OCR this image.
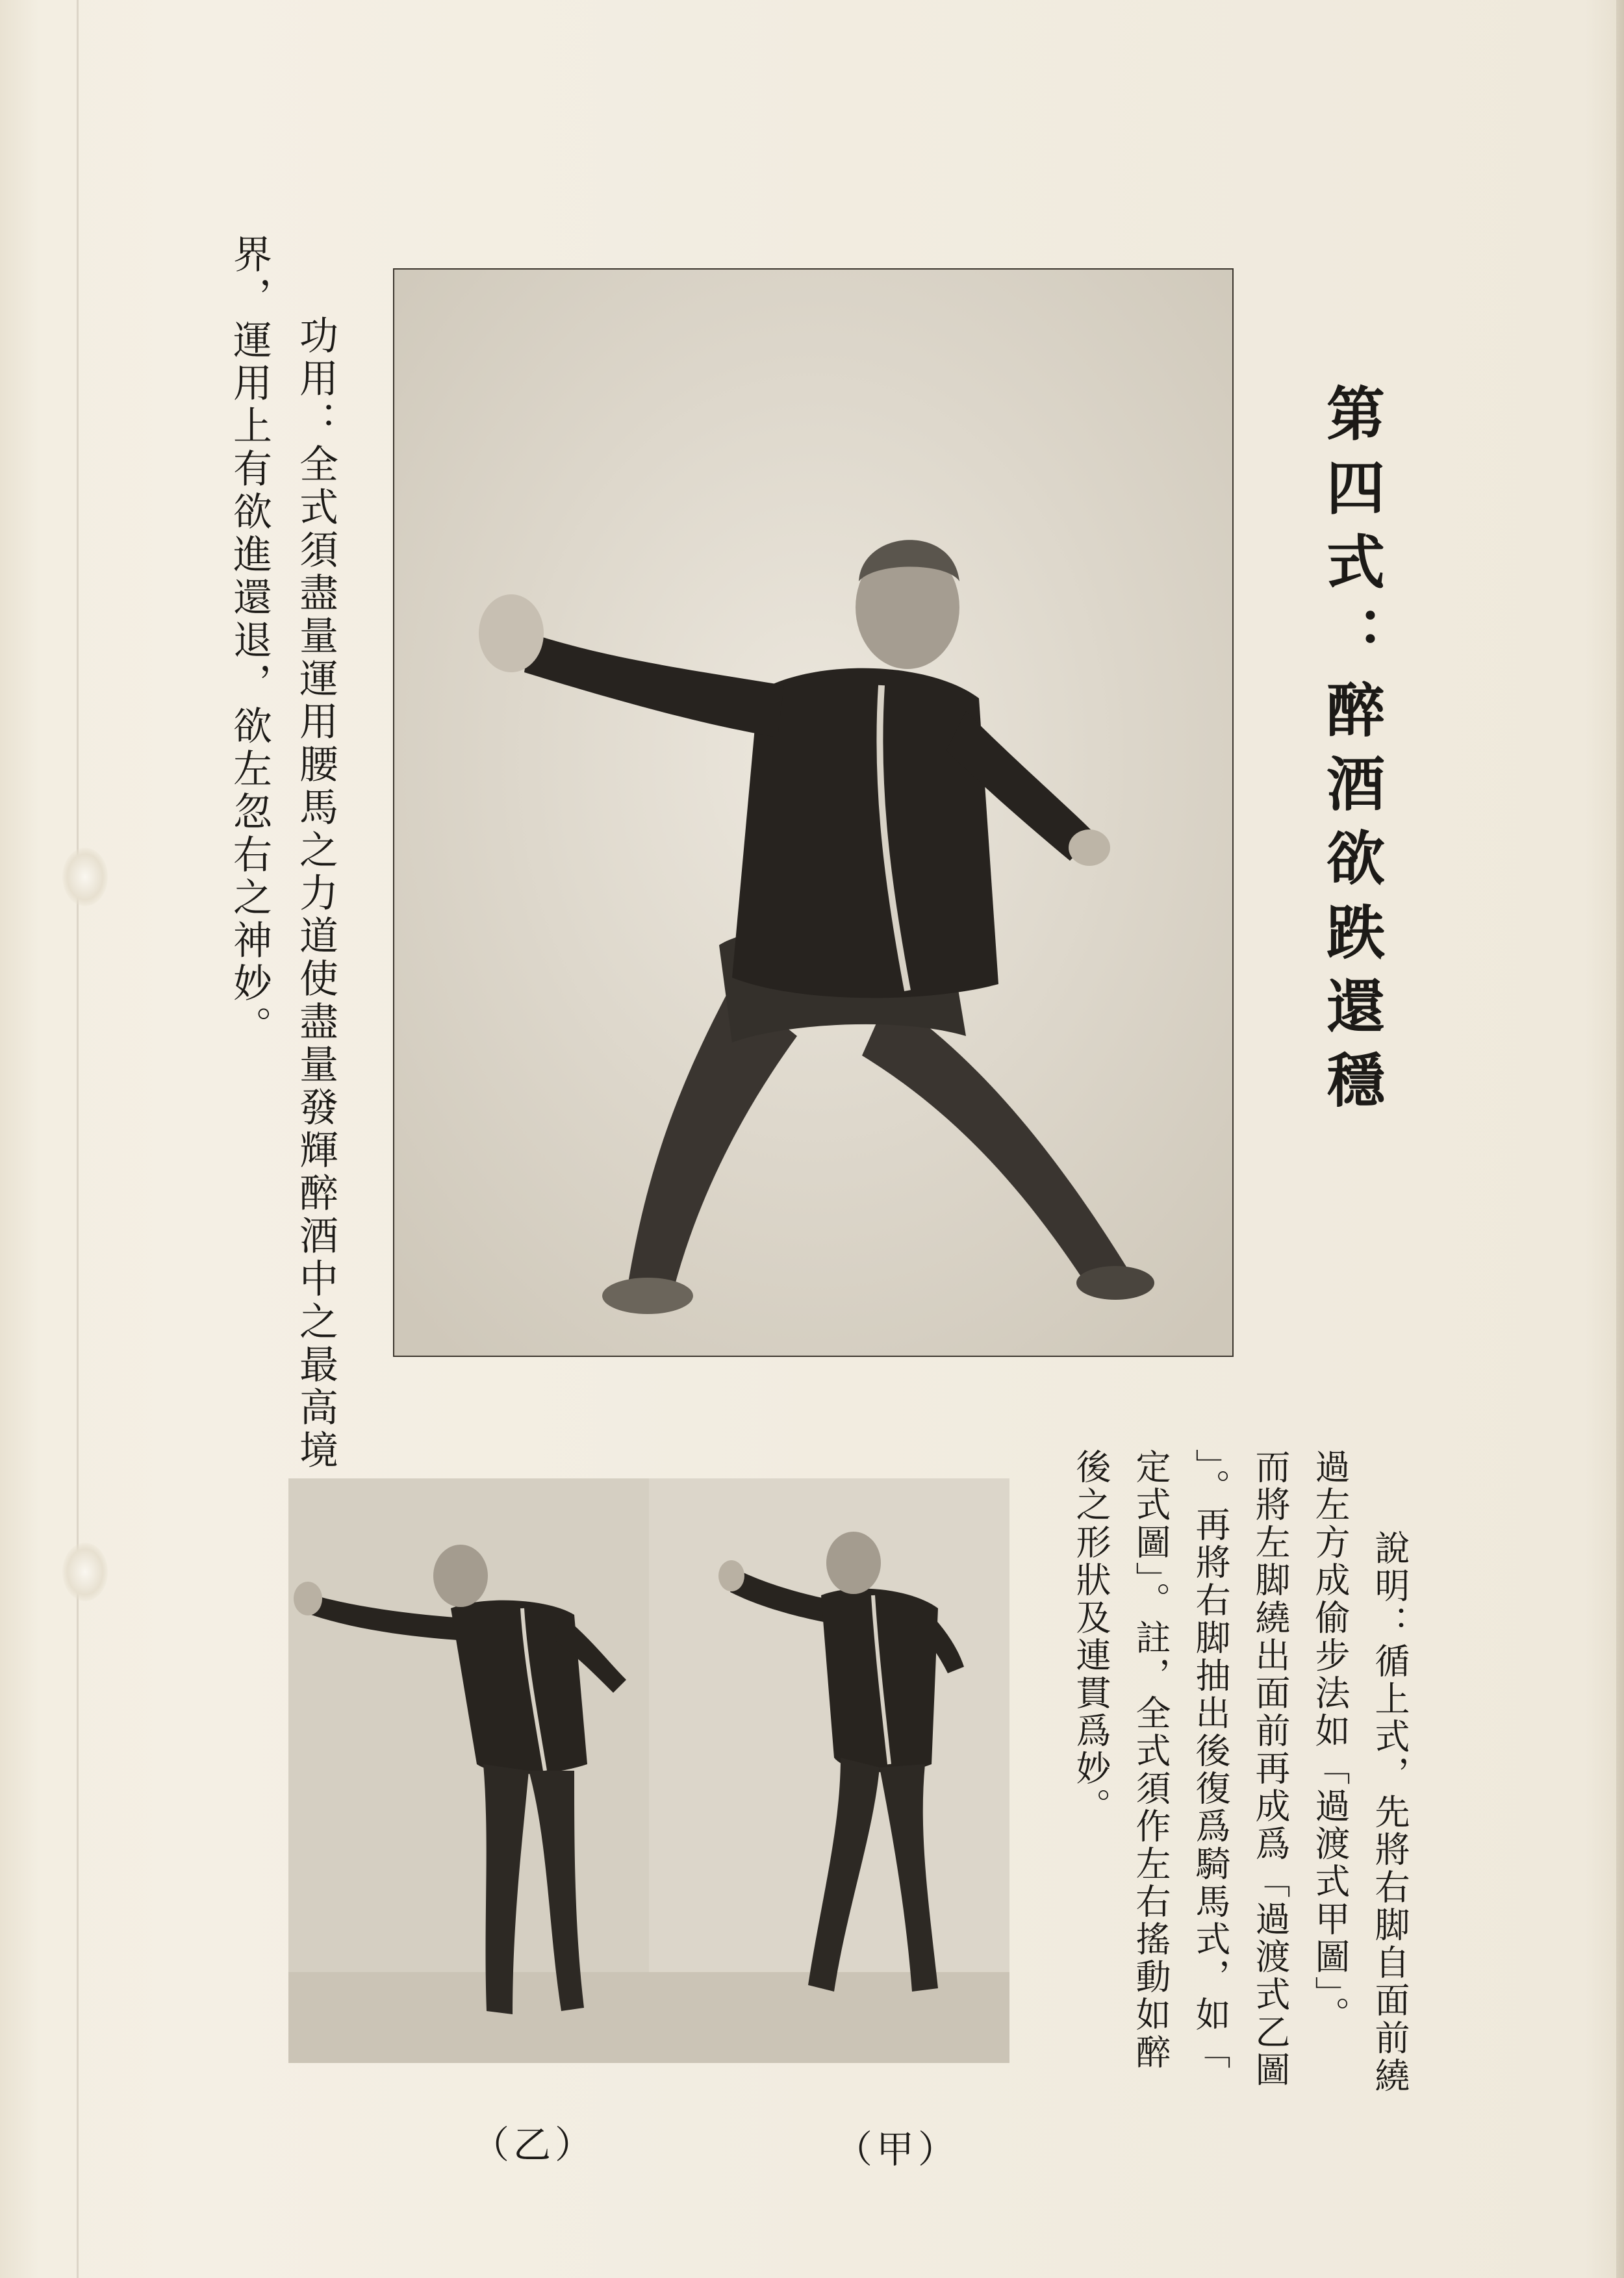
第四式：醉酒欲跌還穩
功用：全式須盡量運用腰馬之力道使盡量發輝醉酒中之最高境
界，運用上有欲進還退，欲左忽右之神妙。
（乙）	（甲）
說明：循上式，先將右脚自面前繞
過左方成偷步法如「過渡式甲圖」。
而將左脚繞出面前再成爲「過渡式乙圖
」。再將右脚抽出後復爲騎馬式，如「
定式圖」。註，全式須作左右搖動如醉
後之形狀及連貫爲妙。
